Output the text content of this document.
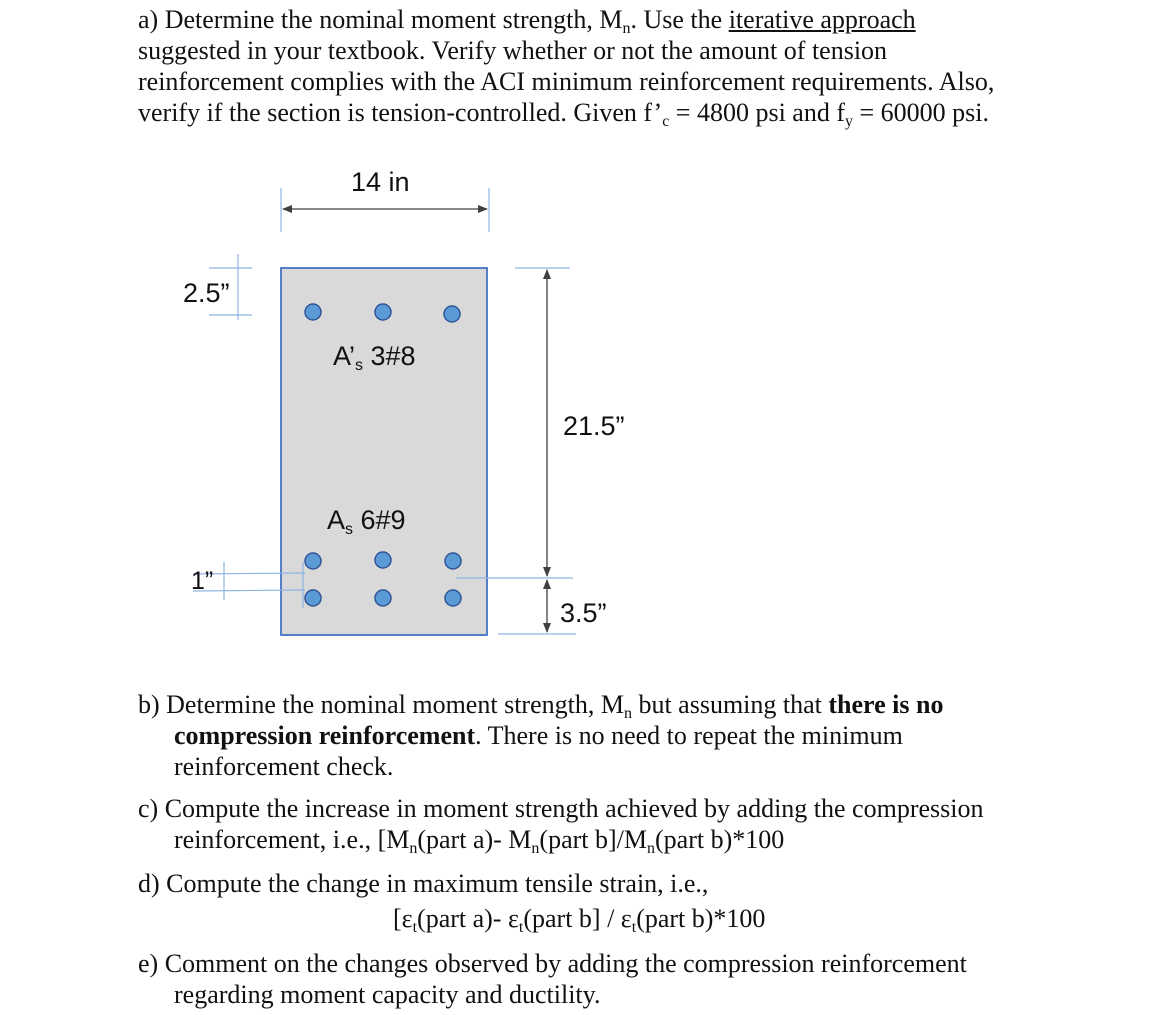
a) Determine the nominal moment strength, $M_n$. Use the iterative approach
suggested in your textbook. Verify whether or not the amount of tension
reinforcement complies with the ACI minimum reinforcement requirements. Also,
verify if the section is tension-controlled. Given $f’_c = 4800$ psi and $f_y = 60000$ psi.
14 in
2.5”
$A’_s$ 3#8
21.5”
$A_s$ 6#9
1”
3.5”
b) Determine the nominal moment strength, $M_n$ but assuming that there is no
compression reinforcement. There is no need to repeat the minimum
reinforcement check.
c) Compute the increase in moment strength achieved by adding the compression
reinforcement, i.e., [$M_n(part$ a)- $M_n(part$ $b]/M_n(part$ b)*100
d) Compute the change in maximum tensile strain, i.e.,
[$\varepsilon_t(part$ a)- $\varepsilon_t(part$ $b] / \varepsilon_t(part$ b)*100
e) Comment on the changes observed by adding the compression reinforcement
regarding moment capacity and ductility.
